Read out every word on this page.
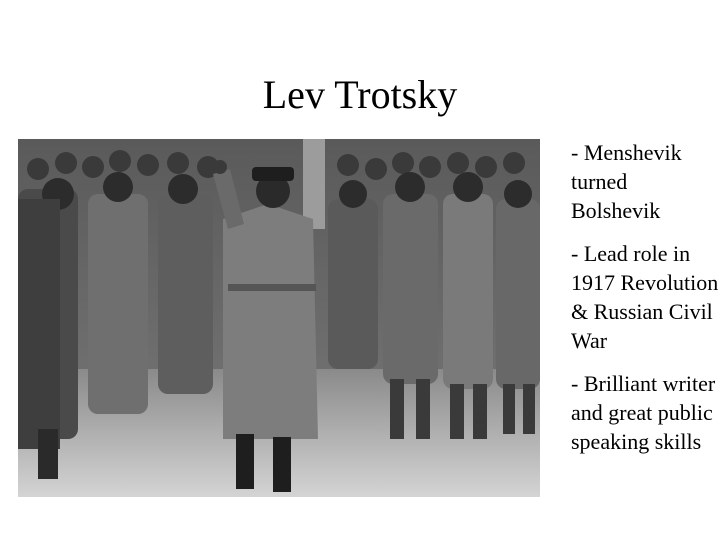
Lev Trotsky
- Menshevik turned Bolshevik
- Lead role in 1917 Revolution & Russian Civil War
- Brilliant writer and great public speaking skills
